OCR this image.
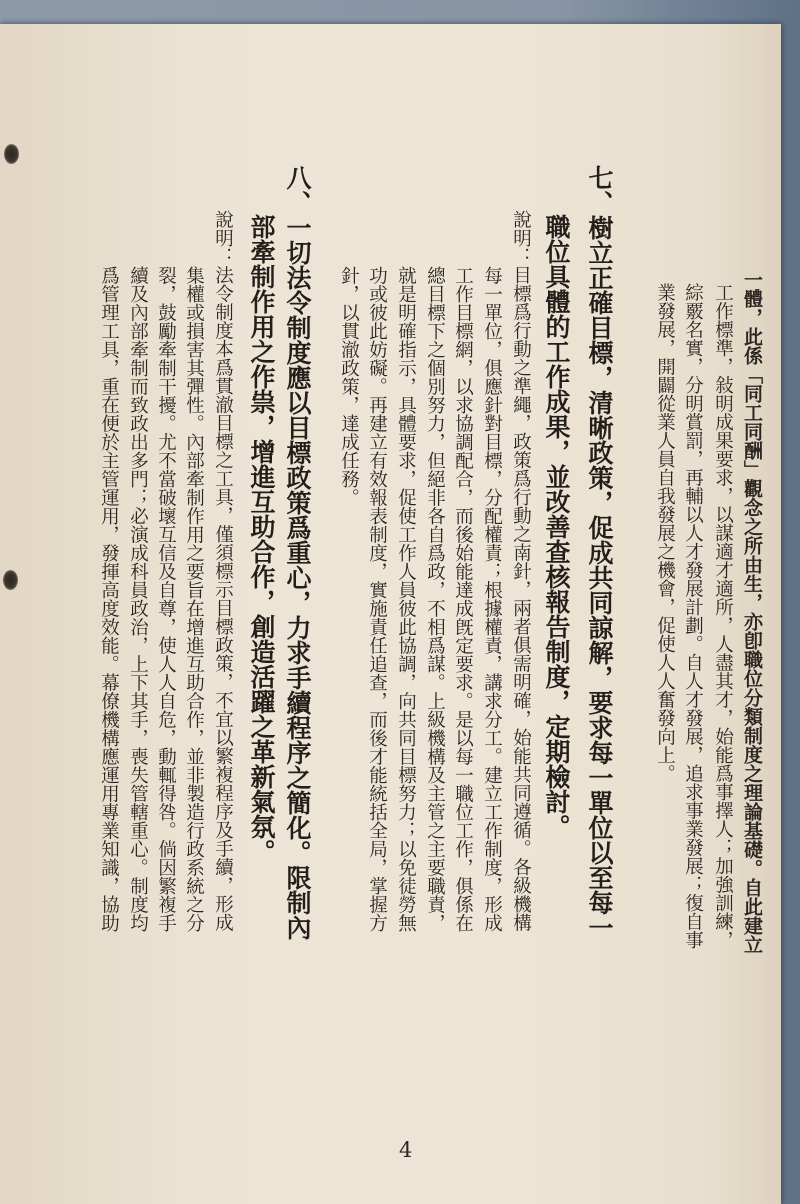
一體，此係「同工同酬」觀念之所由生，亦卽職位分類制度之理論基礎。自此建立
工作標準，敍明成果要求，以謀適才適所，人盡其才，始能爲事擇人；加強訓練，
綜覈名實，分明賞罰，再輔以人才發展計劃。自人才發展，追求事業發展；復自事
業發展，開闢從業人員自我發展之機會，促使人人奮發向上。
七、樹立正確目標，清晰政策，促成共同諒解，要求每一單位以至每一
職位具體的工作成果，並改善查核報告制度，定期檢討。
說明：目標爲行動之準繩，政策爲行動之南針，兩者俱需明確，始能共同遵循。各級機構
每一單位，俱應針對目標，分配權責；根據權責，講求分工。建立工作制度，形成
工作目標網，以求協調配合，而後始能達成旣定要求。是以每一職位工作，俱係在
總目標下之個別努力，但絕非各自爲政，不相爲謀。上級機構及主管之主要職責，
就是明確指示，具體要求，促使工作人員彼此協調，向共同目標努力；以免徒勞無
功或彼此妨礙。再建立有效報表制度，實施責任追查，而後才能統括全局，掌握方
針，以貫澈政策，達成任務。
八、一切法令制度應以目標政策爲重心，力求手續程序之簡化。限制內
部牽制作用之作祟，增進互助合作，創造活躍之革新氣氛。
說明：法令制度本爲貫澈目標之工具，僅須標示目標政策，不宜以繁複程序及手續，形成
集權或損害其彈性。內部牽制作用之要旨在增進互助合作，並非製造行政系統之分
裂，鼓勵牽制干擾。尤不當破壞互信及自尊，使人人自危，動輒得咎。倘因繁複手
續及內部牽制而致政出多門；必演成科員政治，上下其手，喪失管轄重心。制度均
爲管理工具，重在便於主管運用，發揮高度效能。幕僚機構應運用專業知識，協助
4
